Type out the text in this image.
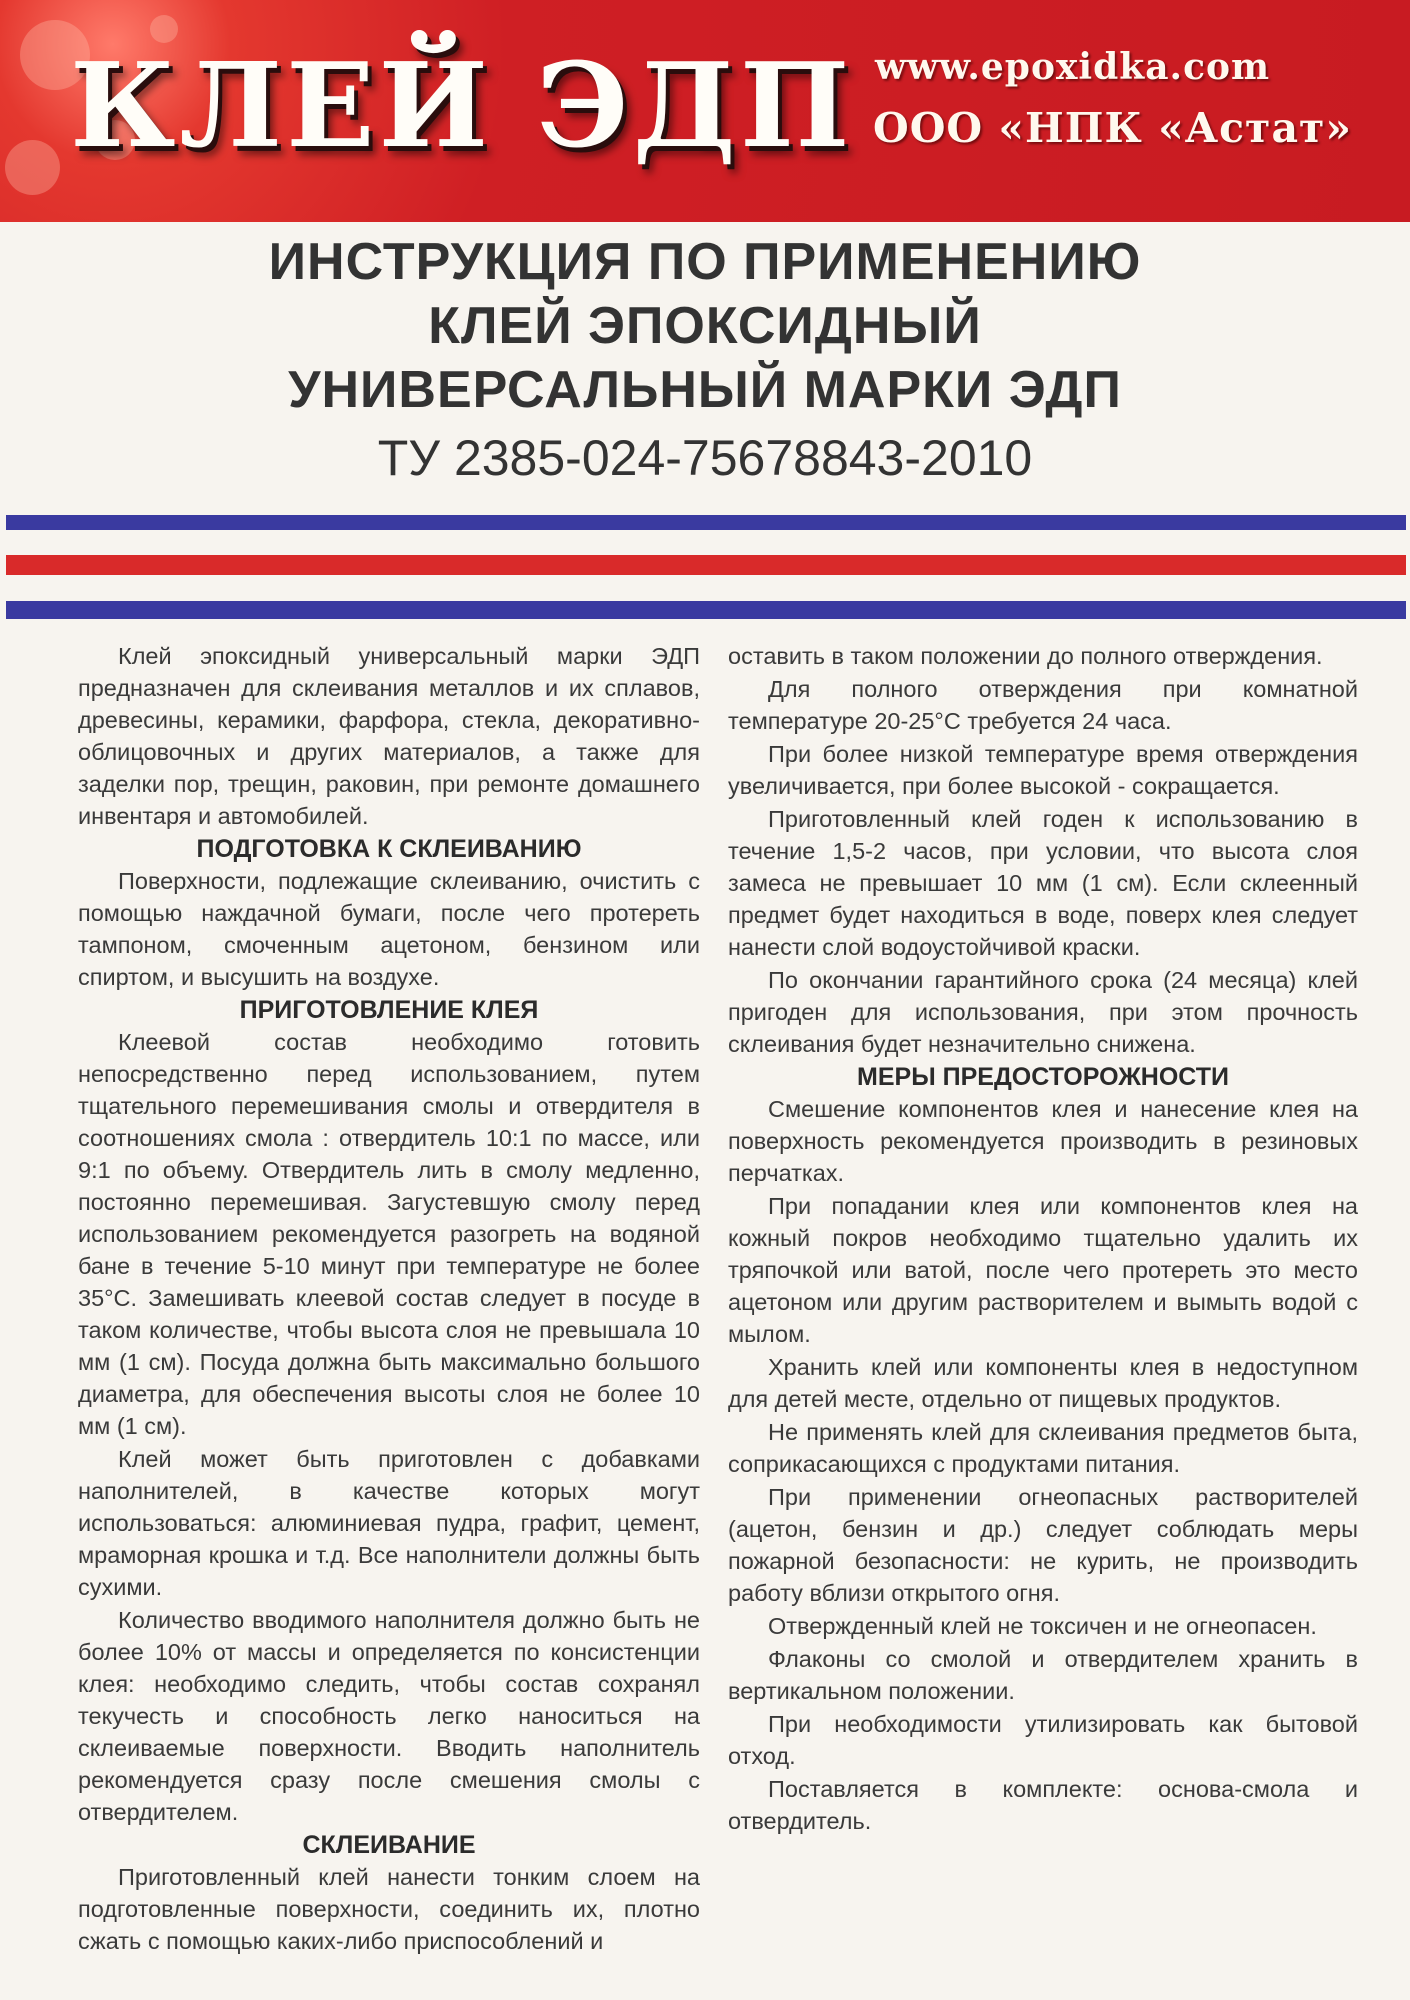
КЛЕЙ ЭДП www.epoxidka.com
ООО «НПК «Астат»
ИНСТРУКЦИЯ ПО ПРИМЕНЕНИЮ
КЛЕЙ ЭПОКСИДНЫЙ
УНИВЕРСАЛЬНЫЙ МАРКИ ЭДП
ТУ 2385-024-75678843-2010

Клей эпоксидный универсальный марки ЭДП предназначен для склеивания металлов и их сплавов, древесины, керамики, фарфора, стекла, декоративно-облицовочных и других материалов, а также для заделки пор, трещин, раковин, при ремонте домашнего инвентаря и автомобилей.

ПОДГОТОВКА К СКЛЕИВАНИЮ

Поверхности, подлежащие склеиванию, очистить с помощью наждачной бумаги, после чего протереть тампоном, смоченным ацетоном, бензином или спиртом, и высушить на воздухе.

ПРИГОТОВЛЕНИЕ КЛЕЯ

Клеевой состав необходимо готовить непосредственно перед использованием, путем тщательного перемешивания смолы и отвердителя в соотношениях смола : отвердитель 10:1 по массе, или 9:1 по объему. Отвердитель лить в смолу медленно, постоянно перемешивая. Загустевшую смолу перед использованием рекомендуется разогреть на водяной бане в течение 5-10 минут при температуре не более 35°С. Замешивать клеевой состав следует в посуде в таком количестве, чтобы высота слоя не превышала 10 мм (1 см). Посуда должна быть максимально большого диаметра, для обеспечения высоты слоя не более 10 мм (1 см).

Клей может быть приготовлен с добавками наполнителей, в качестве которых могут использоваться: алюминиевая пудра, графит, цемент, мраморная крошка и т.д. Все наполнители должны быть сухими.

Количество вводимого наполнителя должно быть не более 10% от массы и определяется по консистенции клея: необходимо следить, чтобы состав сохранял текучесть и способность легко наноситься на склеиваемые поверхности. Вводить наполнитель рекомендуется сразу после смешения смолы с отвердителем.

СКЛЕИВАНИЕ

Приготовленный клей нанести тонким слоем на подготовленные поверхности, соединить их, плотно сжать с помощью каких-либо приспособлений и

оставить в таком положении до полного отверждения.

Для полного отверждения при комнатной температуре 20-25°С требуется 24 часа.

При более низкой температуре время отверждения увеличивается, при более высокой - сокращается.

Приготовленный клей годен к использованию в течение 1,5-2 часов, при условии, что высота слоя замеса не превышает 10 мм (1 см). Если склеенный предмет будет находиться в воде, поверх клея следует нанести слой водоустойчивой краски.

По окончании гарантийного срока (24 месяца) клей пригоден для использования, при этом прочность склеивания будет незначительно снижена.

МЕРЫ ПРЕДОСТОРОЖНОСТИ

Смешение компонентов клея и нанесение клея на поверхность рекомендуется производить в резиновых перчатках.

При попадании клея или компонентов клея на кожный покров необходимо тщательно удалить их тряпочкой или ватой, после чего протереть это место ацетоном или другим растворителем и вымыть водой с мылом.

Хранить клей или компоненты клея в недоступном для детей месте, отдельно от пищевых продуктов.

Не применять клей для склеивания предметов быта, соприкасающихся с продуктами питания.

При применении огнеопасных растворителей (ацетон, бензин и др.) следует соблюдать меры пожарной безопасности: не курить, не производить работу вблизи открытого огня.

Отвержденный клей не токсичен и не огнеопасен.

Флаконы со смолой и отвердителем хранить в вертикальном положении.

При необходимости утилизировать как бытовой отход.

Поставляется в комплекте: основа-смола и отвердитель.
